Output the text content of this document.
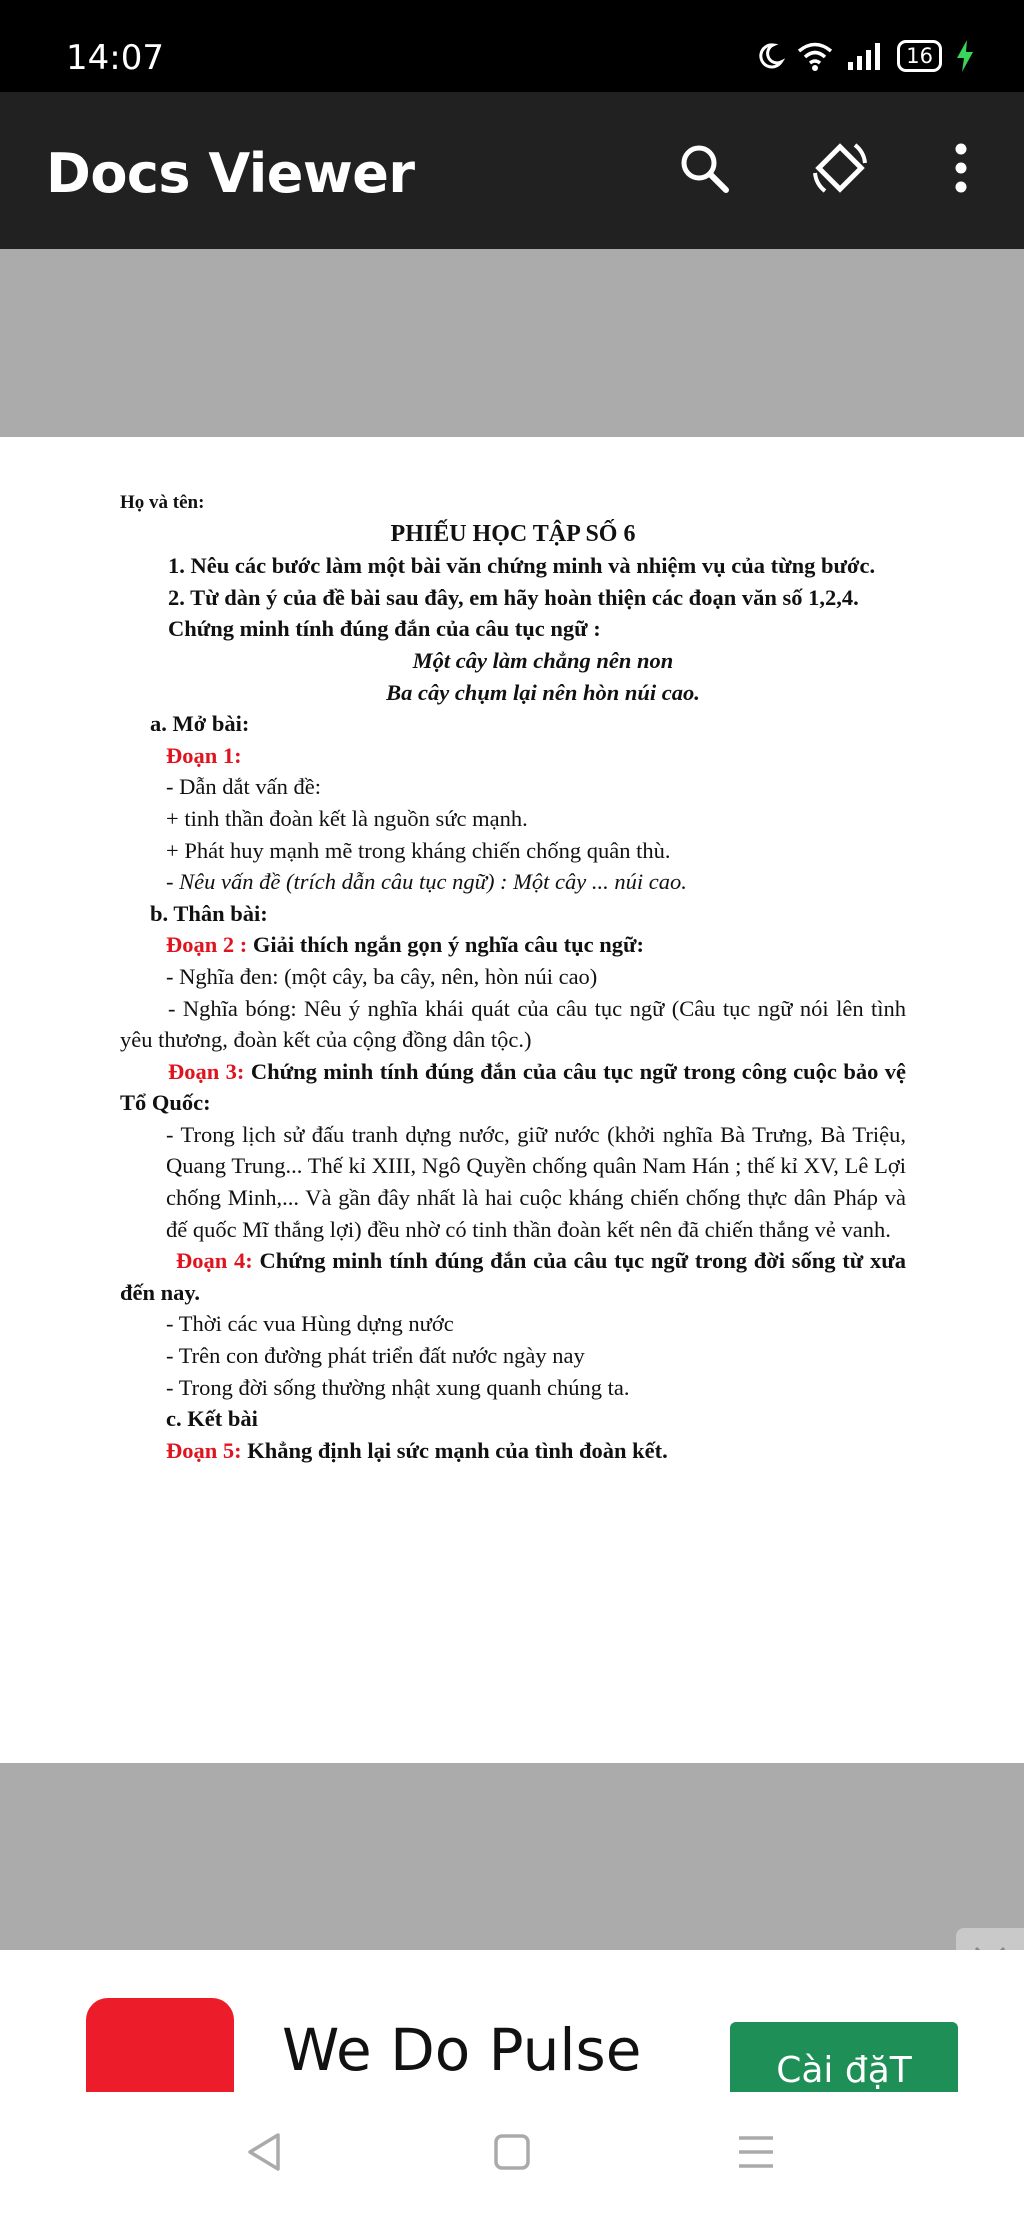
14:07	16
Docs Viewer

Họ và tên:

PHIẾU HỌC TẬP SỐ 6

1. Nêu các bước làm một bài văn chứng minh và nhiệm vụ của từng bước.

2. Từ dàn ý của đề bài sau đây, em hãy hoàn thiện các đoạn văn số 1,2,4.

Chứng minh tính đúng đắn của câu tục ngữ :

Một cây làm chẳng nên non

Ba cây chụm lại nên hòn núi cao.

a. Mở bài:

Đoạn 1:

- Dẫn dắt vấn đề:

+ tinh thần đoàn kết là nguồn sức mạnh.

+ Phát huy mạnh mẽ trong kháng chiến chống quân thù.

- Nêu vấn đề (trích dẫn câu tục ngữ) : Một cây ... núi cao.

b. Thân bài:

Đoạn 2 : Giải thích ngắn gọn ý nghĩa câu tục ngữ:

- Nghĩa đen: (một cây, ba cây, nên, hòn núi cao)

- Nghĩa bóng: Nêu ý nghĩa khái quát của câu tục ngữ (Câu tục ngữ nói lên tình yêu thương, đoàn kết của cộng đồng dân tộc.)

Đoạn 3: Chứng minh tính đúng đắn của câu tục ngữ trong công cuộc bảo vệ Tổ Quốc:

- Trong lịch sử đấu tranh dựng nước, giữ nước (khởi nghĩa Bà Trưng, Bà Triệu, Quang Trung... Thế kỉ XIII, Ngô Quyền chống quân Nam Hán ; thế kỉ XV, Lê Lợi chống Minh,... Và gần đây nhất là hai cuộc kháng chiến chống thực dân Pháp và đế quốc Mĩ thắng lợi) đều nhờ có tinh thần đoàn kết nên đã chiến thắng vẻ vanh.

Đoạn 4: Chứng minh tính đúng đắn của câu tục ngữ trong đời sống từ xưa đến nay.

- Thời các vua Hùng dựng nước

- Trên con đường phát triển đất nước ngày nay

- Trong đời sống thường nhật xung quanh chúng ta.

c. Kết bài

Đoạn 5: Khẳng định lại sức mạnh của tình đoàn kết.

We Do Pulse	Cài đặT
